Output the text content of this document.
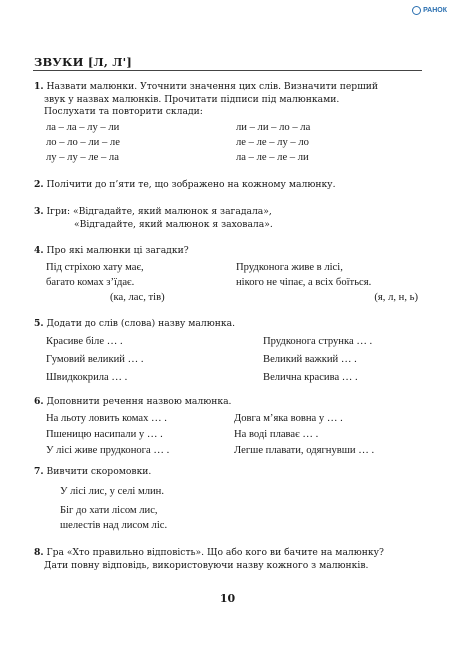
РАНОК
ЗВУКИ [Л, Л']
1. Назвати малюнки. Уточнити значення цих слів. Визначити перший
звук у назвах малюнків. Прочитати підписи під малюнками.
Послухати та повторити склади:
ла – ла – лу – ли
ло – ло – ли – ле
лу – лу – ле – ла
ли – ли – ло – ла
ле – ле – лу – ло
ла – ле – ле – ли
2. Полічити до п’яти те, що зображено на кожному малюнку.
3. Ігри: «Відгадайте, який малюнок я загадала»,
«Відгадайте, який малюнок я заховала».
4. Про які малюнки ці загадки?
Під стріхою хату має,
багато комах з’їдає.
(ка, лас, тів)
Прудконога живе в лісі,
нікого не чіпає, а всіх боїться.
(я, л, н, ь)
5. Додати до слів (слова) назву малюнка.
Красиве біле … .
Гумовий великий … .
Швидкокрила … .
Прудконога струнка … .
Великий важкий … .
Велична красива … .
6. Доповнити речення назвою малюнка.
На льоту ловить комах … .
Пшеницю насипали у … .
У лісі живе прудконога … .
Довга м’яка вовна у … .
На воді плаває … .
Легше плавати, одягнувши … .
7. Вивчити скоромовки.
У лісі лис, у селі млин.
Біг до хати лісом лис,
шелестів над лисом ліс.
8. Гра «Хто правильно відповість». Що або кого ви бачите на малюнку?
Дати повну відповідь, використовуючи назву кожного з малюнків.
10
